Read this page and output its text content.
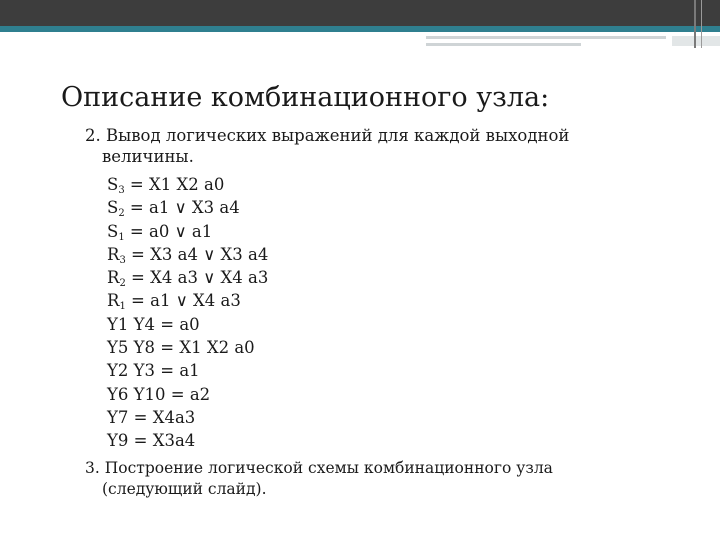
Описание комбинационного узла:
2. Вывод логических выражений для каждой выходной
величины.
$S_3 = X1$ X2 a0
$S_2 = a1$ ∨ X3 a4
$S_1 = a0$ ∨ a1
$R_3 = X3$ a4 ∨ X3 a4
$R_2 = X4$ a3 ∨ X4 a3
$R_1 = a1$ ∨ X4 a3
Y1 Y4 = a0
Y5 Y8 = X1 X2 a0
Y2 Y3 = a1
Y6 Y10 = a2
Y7 = X4a3
Y9 = X3a4
3. Построение логической схемы комбинационного узла
(следующий слайд).
